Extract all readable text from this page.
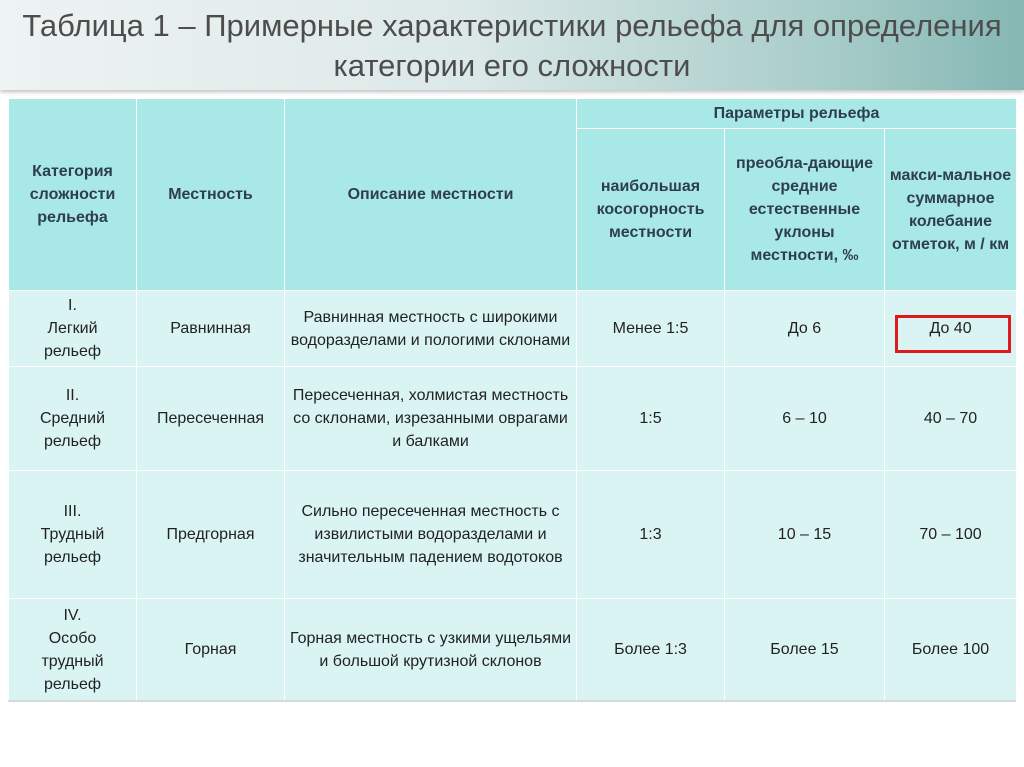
Таблица 1 – Примерные характеристики рельефа для определения
категории его сложности
Категория сложности рельефа	Местность	Описание местности	Параметры рельефа		
			наибольшая косогорность местности	преобла-дающие средние естественные уклоны местности, ‰	макси-мальное суммарное колебание отметок, м / км
I.
Легкий
рельеф	Равнинная	Равнинная местность с широкими водоразделами и пологими склонами	Менее 1:5	До 6	До 40
II.
Средний
рельеф	Пересеченная	Пересеченная, холмистая местность со склонами, изрезанными оврагами и балками	1:5	6 – 10	40 – 70
III.
Трудный
рельеф	Предгорная	Сильно пересеченная местность с извилистыми водоразделами и значительным падением водотоков	1:3	10 – 15	70 – 100
IV.
Особо
трудный
рельеф	Горная	Горная местность с узкими ущельями и большой крутизной склонов	Более 1:3	Более 15	Более 100
